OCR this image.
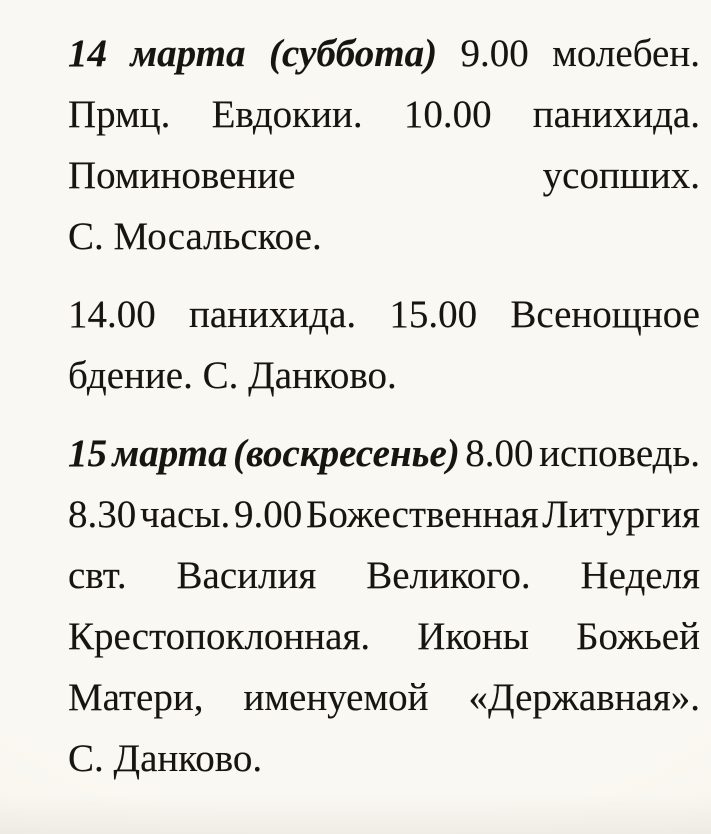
14 марта (суббота) 9.00 молебен.
Прмц. Евдокии. 10.00 панихида.
Поминовение	усопших.
С. Мосальское.
14.00 панихида. 15.00 Всенощное
бдение. С. Данково.
15 марта (воскресенье) 8.00 исповедь.
8.30 часы. 9.00 Божественная Литургия
свт. Василия Великого. Неделя
Крестопоклонная. Иконы Божьей
Матери, именуемой «Державная».
С. Данково.
